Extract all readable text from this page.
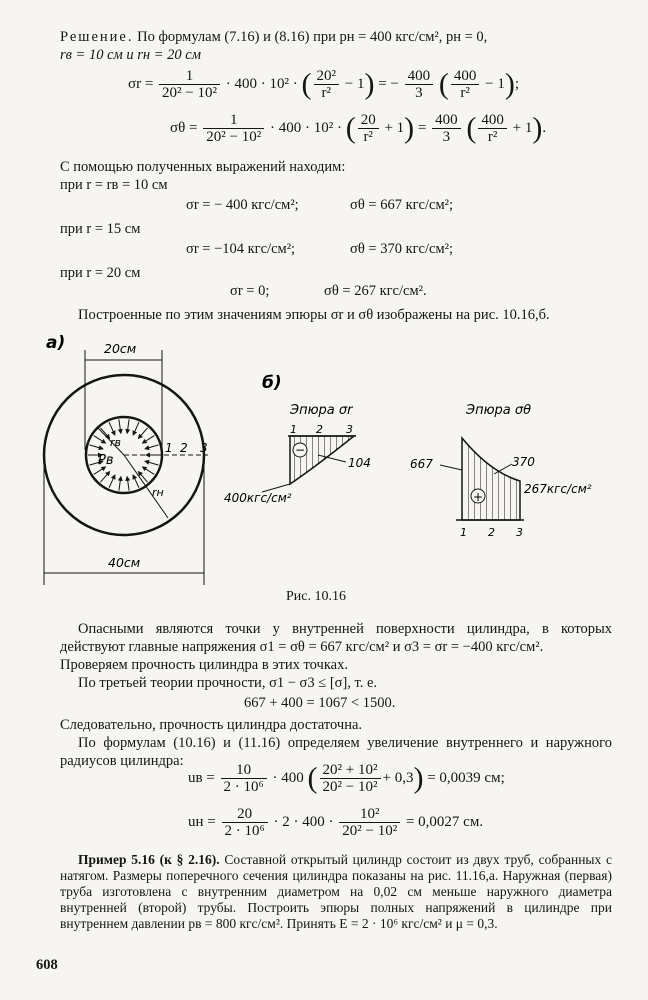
Решение. По формулам (7.16) и (8.16) при pн = 400 кгс/см², pн = 0,
rв = 10 см и rн = 20 см
$\sigma r = \frac{1}{\text{20² − 10²}} \cdot 400 \cdot 10^2$ · ( $\frac{\text{20²}}{\text{r²}} - 1$) = − $\frac{400}{3}$ ( $\frac{400}{\text{r²}} - 1$);
$\sigma\theta = \frac{1}{\text{20² − 10²}} \cdot 400 \cdot 10^2$ · ( $\frac{20}{\text{r²}} + 1) = \frac{400}{3}$ ( $\frac{400}{\text{r²}} + 1$).
С помощью полученных выражений находим:
при r = rв = 10 см
σr = − 400 кгс/см²;	σθ = 667 кгс/см²;
при r = 15 см
σr = −104 кгс/см²;	σθ = 370 кгс/см²;
при r = 20 см
σr = 0;	σθ = 267 кгс/см².
Построенные по этим значениям эпюры σr и σθ изображены на рис. 10.16,б.
а)
б)
20см
40см
Pв
rв
rн
1 2 3
Эпюра σr
1 2 3
−
104
400кгс/см²
Эпюра σθ
+
667	370
267кгс/см²
1 2 3
Рис. 10.16
Опасными являются точки у внутренней поверхности цилиндра, в которых действуют главные напряжения σ1 = σθ = 667 кгс/см² и σ3 = σr = −400 кгс/см².
Проверяем прочность цилиндра в этих точках.
По третьей теории прочности, σ1 − σ3 ≤ [σ], т. е.
667 + 400 = 1067 < 1500.
Следовательно, прочность цилиндра достаточна.
По формулам (10.16) и (11.16) определяем увеличение внутреннего и наружного радиусов цилиндра:
uв = $\frac{10}{\text{2 · 10⁶}} \cdot 400$ ( $\frac{\text{20² + 10²}}{\text{20² − 10²}} + 0,3) = 0,0039$ см;
uн = $\frac{20}{\text{2 · 10⁶}} \cdot 2 \cdot 400 \cdot \frac{\text{10²}}{\text{20² − 10²}} = 0,0027$ см.
Пример 5.16 (к § 2.16). Составной открытый цилиндр состоит из двух труб, собранных с натягом. Размеры поперечного сечения цилиндра показаны на рис. 11.16,а. Наружная (первая) труба изготовлена с внутренним диаметром на 0,02 см меньше наружного диаметра внутренней (второй) трубы. Построить эпюры полных напряжений в цилиндре при внутреннем давлении pв = 800 кгс/см². Принять E = 2 · 10⁶ кгс/см² и μ = 0,3.
608
